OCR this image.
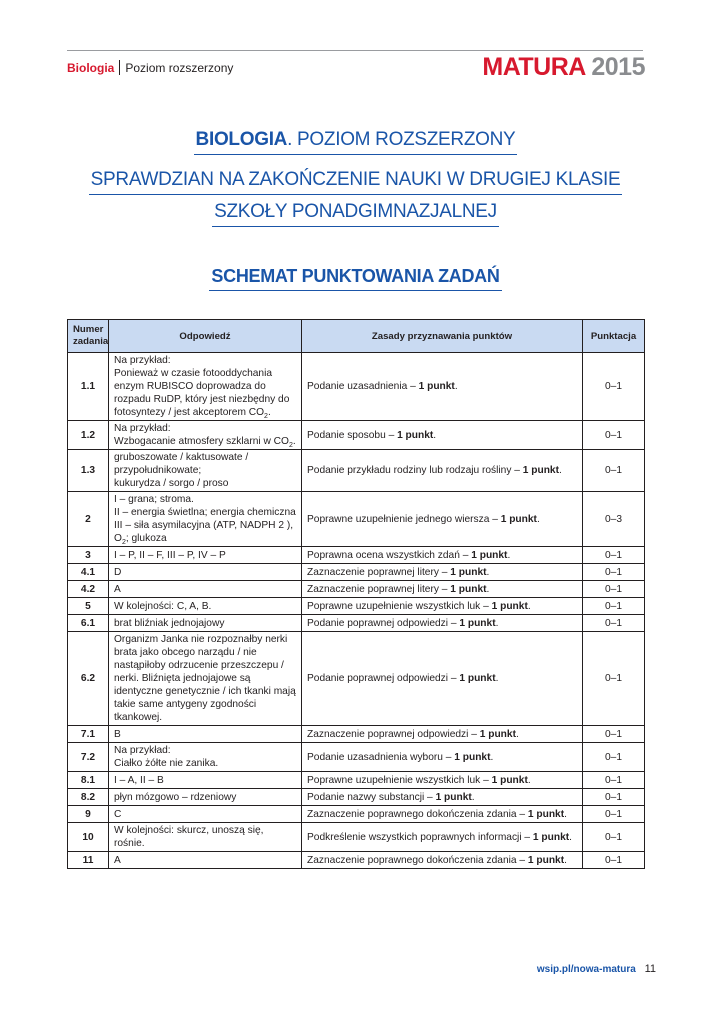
Biologia Poziom rozszerzony	MATURA 2015
BIOLOGIA. POZIOM ROZSZERZONY
SPRAWDZIAN NA ZAKOŃCZENIE NAUKI W DRUGIEJ KLASIE
SZKOŁY PONADGIMNAZJALNEJ
SCHEMAT PUNKTOWANIA ZADAŃ
Numer
zadania	Odpowiedź	Zasady przyznawania punktów	Punktacja
1.1	Na przykład:
Ponieważ w czasie fotooddychania enzym RUBISCO doprowadza do rozpadu RuDP, który jest niezbędny do fotosyntezy / jest akceptorem $CO_2$.	Podanie uzasadnienia – 1 punkt.	0–1
1.2	Na przykład:
Wzbogacanie atmosfery szklarni w $CO_2$.	Podanie sposobu – 1 punkt.	0–1
1.3	gruboszowate / kaktusowate / przypołudnikowate;
kukurydza / sorgo / proso	Podanie przykładu rodziny lub rodzaju rośliny – 1 punkt.	0–1
2	I – grana; stroma.
II – energia świetlna; energia chemiczna
III – siła asymilacyjna (ATP, NADPH 2 ),
$O_2$; glukoza	Poprawne uzupełnienie jednego wiersza – 1 punkt.	0–3
3	I – P, II – F, III – P, IV – P	Poprawna ocena wszystkich zdań – 1 punkt.	0–1
4.1	D	Zaznaczenie poprawnej litery – 1 punkt.	0–1
4.2	A	Zaznaczenie poprawnej litery – 1 punkt.	0–1
5	W kolejności: C, A, B.	Poprawne uzupełnienie wszystkich luk – 1 punkt.	0–1
6.1	brat bliźniak jednojajowy	Podanie poprawnej odpowiedzi – 1 punkt.	0–1
6.2	Organizm Janka nie rozpoznałby nerki brata jako obcego narządu / nie nastąpiłoby odrzucenie przeszczepu / nerki. Bliźnięta jednojajowe są identyczne genetycznie / ich tkanki mają takie same antygeny zgodności tkankowej.	Podanie poprawnej odpowiedzi – 1 punkt.	0–1
7.1	B	Zaznaczenie poprawnej odpowiedzi – 1 punkt.	0–1
7.2	Na przykład:
Ciałko żółte nie zanika.	Podanie uzasadnienia wyboru – 1 punkt.	0–1
8.1	I – A, II – B	Poprawne uzupełnienie wszystkich luk – 1 punkt.	0–1
8.2	płyn mózgowo – rdzeniowy	Podanie nazwy substancji – 1 punkt.	0–1
9	C	Zaznaczenie poprawnego dokończenia zdania – 1 punkt.	0–1
10	W kolejności: skurcz, unoszą się, rośnie.	Podkreślenie wszystkich poprawnych informacji – 1 punkt.	0–1
11	A	Zaznaczenie poprawnego dokończenia zdania – 1 punkt.	0–1
wsip.pl/nowa-matura 11
